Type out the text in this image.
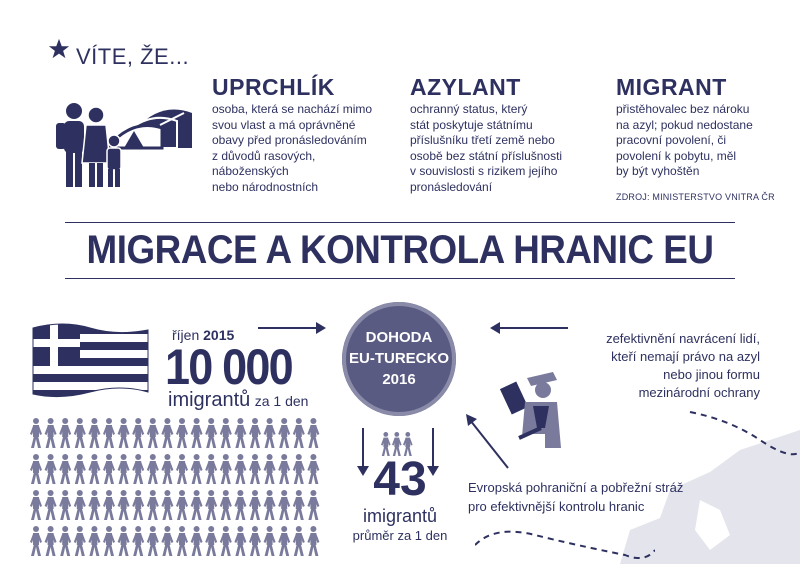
VÍTE, ŽE...
UPRCHLÍK
osoba, která se nachází mimo
svou vlast a má oprávněné
obavy před pronásledováním
z důvodů rasových,
náboženských
nebo národnostních
AZYLANT
ochranný status, který
stát poskytuje státnímu
příslušníku třetí země nebo
osobě bez státní příslušnosti
v souvislosti s rizikem jejího
pronásledování
MIGRANT
přistěhovalec bez nároku
na azyl; pokud nedostane
pracovní povolení, či
povolení k pobytu, měl
by být vyhoštěn
ZDROJ: MINISTERSTVO VNITRA ČR
MIGRACE A KONTROLA HRANIC EU
říjen 2015
10 000
imigrantů za 1 den
DOHODA
EU-TURECKO
2016
zefektivnění navrácení lidí,
kteří nemají právo na azyl
nebo jinou formu
mezinárodní ochrany
Evropská pohraniční a pobřežní stráž
pro efektivnější kontrolu hranic
43
imigrantů
průměr za 1 den
